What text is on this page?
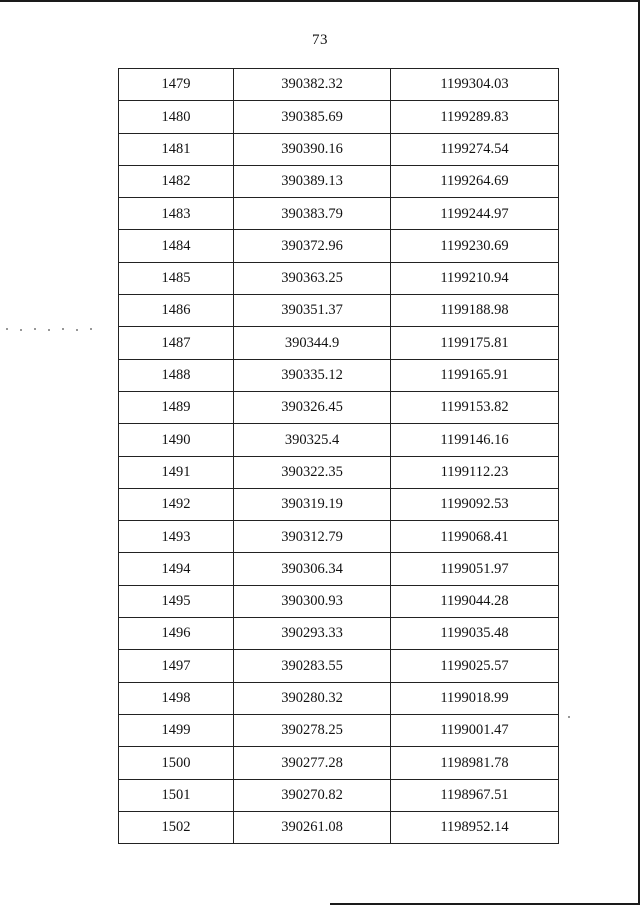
73
1479	390382.32	1199304.03
1480	390385.69	1199289.83
1481	390390.16	1199274.54
1482	390389.13	1199264.69
1483	390383.79	1199244.97
1484	390372.96	1199230.69
1485	390363.25	1199210.94
1486	390351.37	1199188.98
1487	390344.9	1199175.81
1488	390335.12	1199165.91
1489	390326.45	1199153.82
1490	390325.4	1199146.16
1491	390322.35	1199112.23
1492	390319.19	1199092.53
1493	390312.79	1199068.41
1494	390306.34	1199051.97
1495	390300.93	1199044.28
1496	390293.33	1199035.48
1497	390283.55	1199025.57
1498	390280.32	1199018.99
1499	390278.25	1199001.47
1500	390277.28	1198981.78
1501	390270.82	1198967.51
1502	390261.08	1198952.14
